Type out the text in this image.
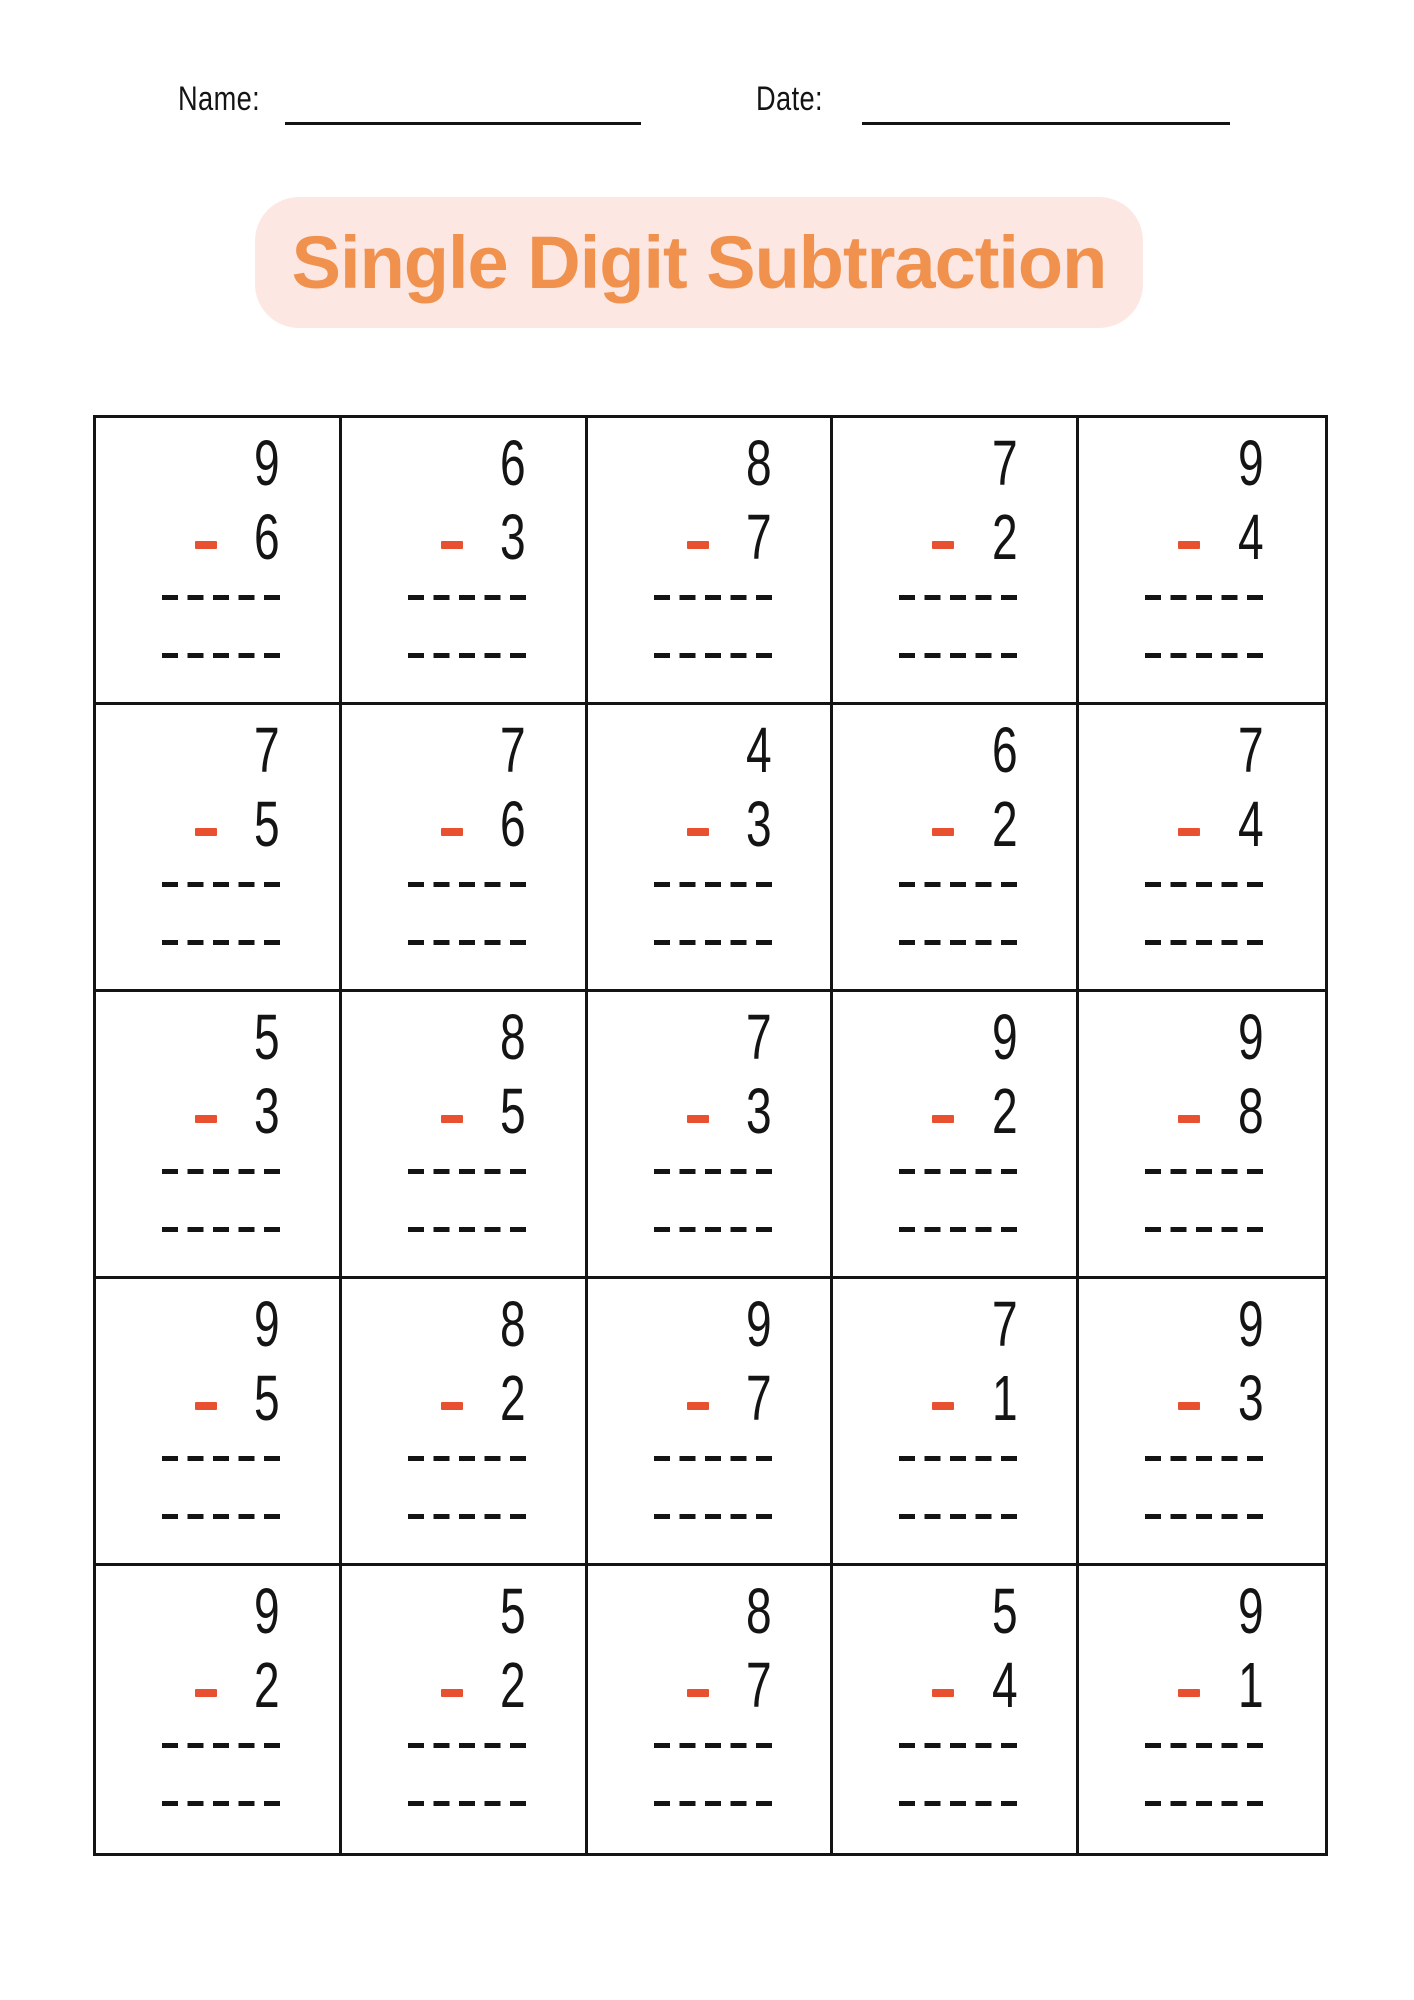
Name:	Date:
Single Digit Subtraction
9
6
6
3
8
7
7
2
9
4
7
5
7
6
4
3
6
2
7
4
5
3
8
5
7
3
9
2
9
8
9
5
8
2
9
7
7
1
9
3
9
2
5
2
8
7
5
4
9
1
